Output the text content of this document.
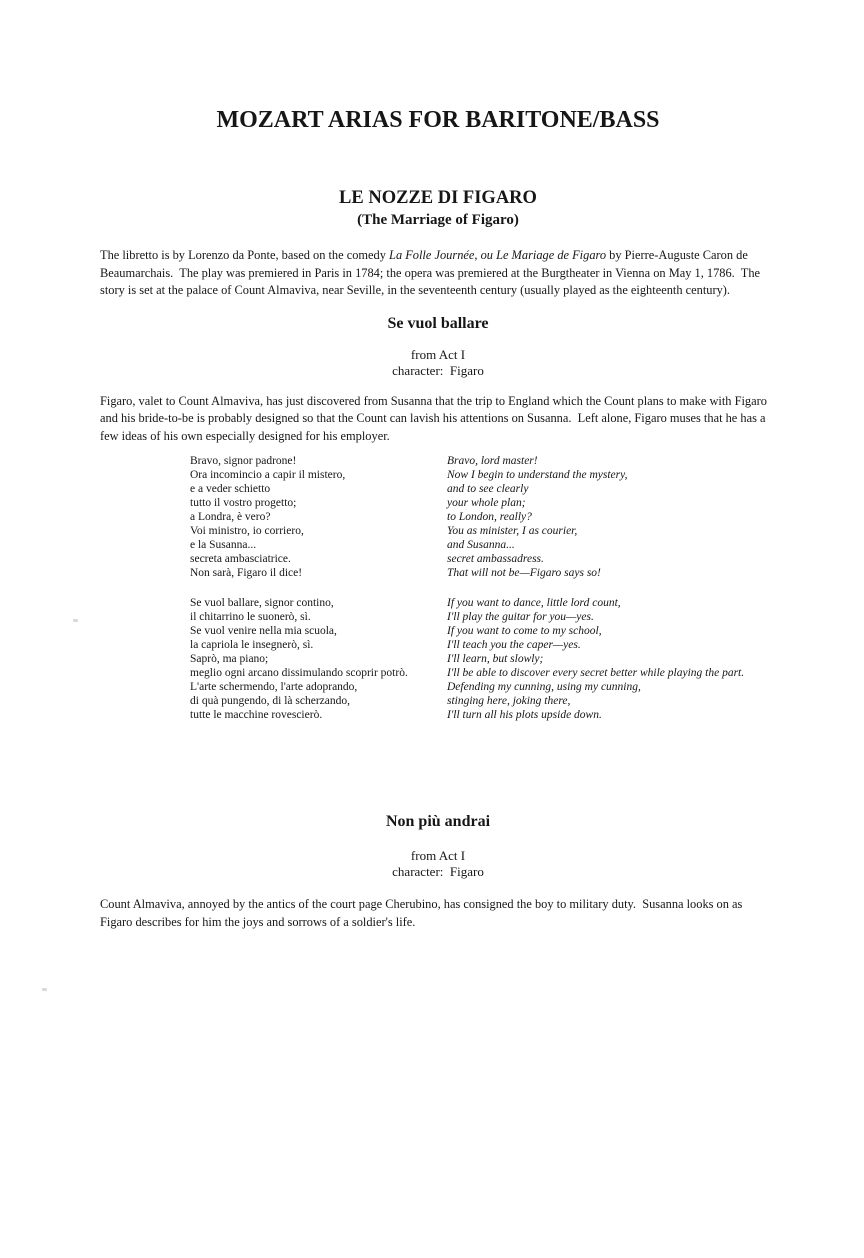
MOZART ARIAS FOR BARITONE/BASS
LE NOZZE DI FIGARO
(The Marriage of Figaro)

The libretto is by Lorenzo da Ponte, based on the comedy La Folle Journée, ou Le Mariage de Figaro by Pierre-Auguste Caron de Beaumarchais.  The play was premiered in Paris in 1784; the opera was premiered at the Burgtheater in Vienna on May 1, 1786.  The story is set at the palace of Count Almaviva, near Seville, in the seventeenth century (usually played as the eighteenth century).

Se vuol ballare
from Act I
character:  Figaro

Figaro, valet to Count Almaviva, has just discovered from Susanna that the trip to England which the Count plans to make with Figaro and his bride-to-be is probably designed so that the Count can lavish his attentions on Susanna.  Left alone, Figaro muses that he has a few ideas of his own especially designed for his employer.

Bravo, signor padrone!
Ora incomincio a capir il mistero,
e a veder schietto
tutto il vostro progetto;
a Londra, è vero?
Voi ministro, io corriero,
e la Susanna...
secreta ambasciatrice.
Non sarà, Figaro il dice!
Bravo, lord master!
Now I begin to understand the mystery,
and to see clearly
your whole plan;
to London, really?
You as minister, I as courier,
and Susanna...
secret ambassadress.
That will not be—Figaro says so!
Se vuol ballare, signor contino,
il chitarrino le suonerò, sì.
Se vuol venire nella mia scuola,
la capriola le insegnerò, sì.
Saprò, ma piano;
meglio ogni arcano dissimulando scoprir potrò.
L'arte schermendo, l'arte adoprando,
di quà pungendo, di là scherzando,
tutte le macchine rovescierò.
If you want to dance, little lord count,
I'll play the guitar for you—yes.
If you want to come to my school,
I'll teach you the caper—yes.
I'll learn, but slowly;
I'll be able to discover every secret better while playing the part.
Defending my cunning, using my cunning,
stinging here, joking there,
I'll turn all his plots upside down.
Non più andrai
from Act I
character:  Figaro

Count Almaviva, annoyed by the antics of the court page Cherubino, has consigned the boy to military duty.  Susanna looks on as Figaro describes for him the joys and sorrows of a soldier's life.
